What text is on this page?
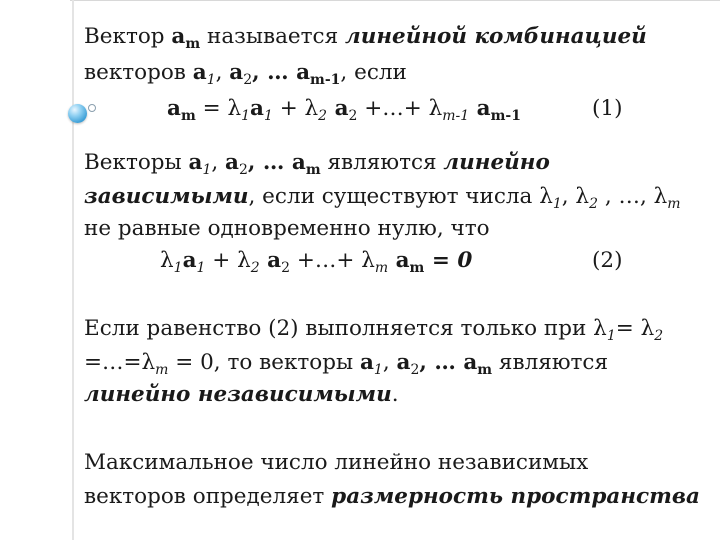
Вектор $a_m$ называется линейной комбинацией
векторов $a_1$, $a_2$, … $a_{m-1}$, если
$a_m = \lambda_1a_1 + \lambda_2$ $a_2$ +…+ $\lambda_{m-1}$ $a_{m-1}$	(1)
Векторы $a_1$, $a_2$, … $a_m$ являются линейно
зависимыми, если существуют числа $\lambda_1$, $\lambda_2$ , …, $\lambda_m$
не равные одновременно нулю, что
$\lambda_1a_1 + \lambda_2$ $a_2$ +…+ $\lambda_m$ $a_m = 0$	(2)
Если равенство (2) выполняется только при $\lambda_1= \lambda_2$
$=\dots=\lambda_m = 0$, то векторы $a_1$, $a_2$, … $a_m$ являются
линейно независимыми.
Максимальное число линейно независимых
векторов определяет размерность пространства
